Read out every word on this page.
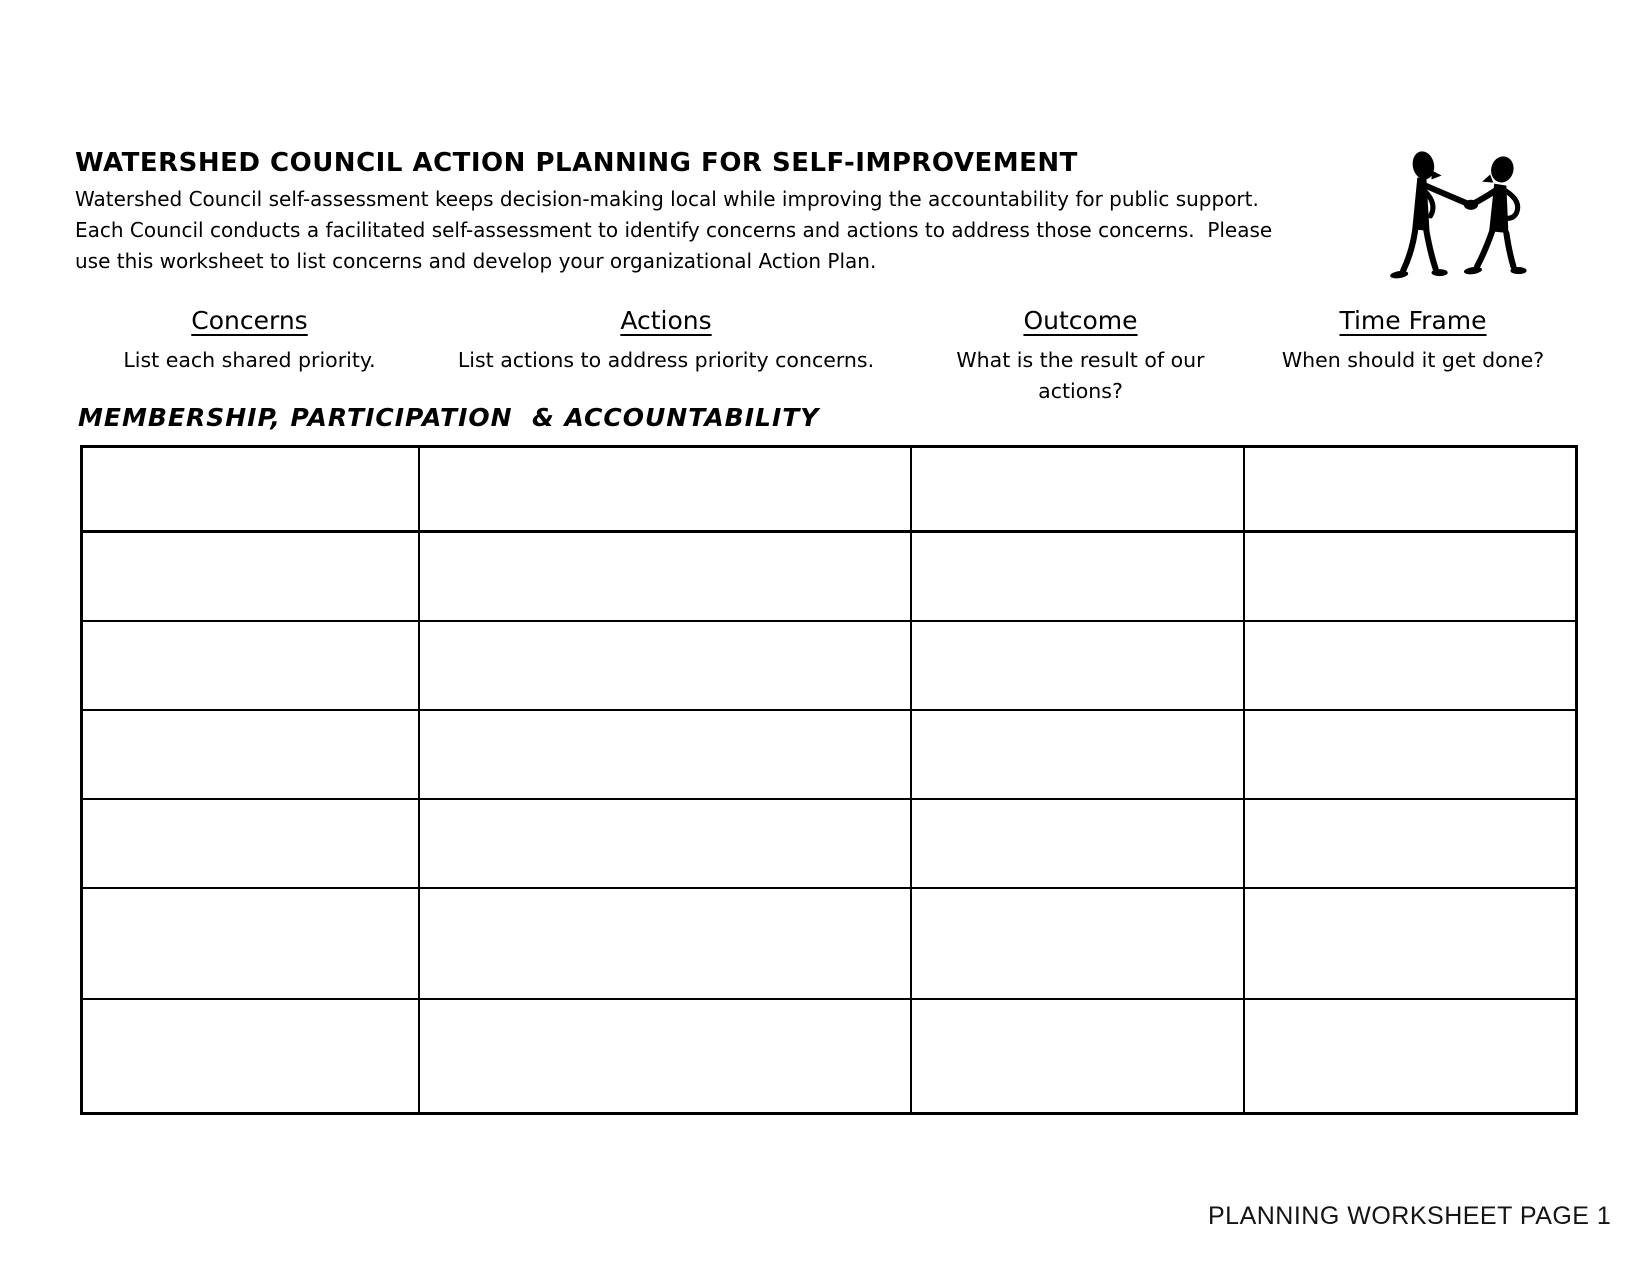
WATERSHED COUNCIL ACTION PLANNING FOR SELF-IMPROVEMENT
Watershed Council self-assessment keeps decision-making local while improving the accountability for public support.
Each Council conducts a facilitated self-assessment to identify concerns and actions to address those concerns.  Please
use this worksheet to list concerns and develop your organizational Action Plan.
Concerns
List each shared priority.
Actions
List actions to address priority concerns.
Outcome
What is the result of our actions?
Time Frame
When should it get done?
MEMBERSHIP, PARTICIPATION  & ACCOUNTABILITY
PLANNING WORKSHEET PAGE 1
